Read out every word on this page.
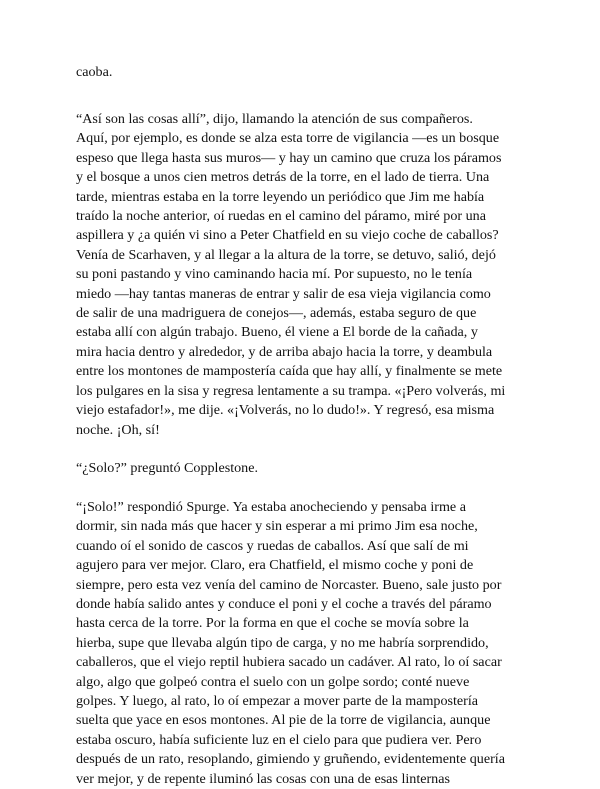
caoba.

“Así son las cosas allí”, dijo, llamando la atención de sus compañeros.
Aquí, por ejemplo, es donde se alza esta torre de vigilancia —es un bosque
espeso que llega hasta sus muros— y hay un camino que cruza los páramos
y el bosque a unos cien metros detrás de la torre, en el lado de tierra. Una
tarde, mientras estaba en la torre leyendo un periódico que Jim me había
traído la noche anterior, oí ruedas en el camino del páramo, miré por una
aspillera y ¿a quién vi sino a Peter Chatfield en su viejo coche de caballos?
Venía de Scarhaven, y al llegar a la altura de la torre, se detuvo, salió, dejó
su poni pastando y vino caminando hacia mí. Por supuesto, no le tenía
miedo —hay tantas maneras de entrar y salir de esa vieja vigilancia como
de salir de una madriguera de conejos—, además, estaba seguro de que
estaba allí con algún trabajo. Bueno, él viene a El borde de la cañada, y
mira hacia dentro y alrededor, y de arriba abajo hacia la torre, y deambula
entre los montones de mampostería caída que hay allí, y finalmente se mete
los pulgares en la sisa y regresa lentamente a su trampa. «¡Pero volverás, mi
viejo estafador!», me dije. «¡Volverás, no lo dudo!». Y regresó, esa misma
noche. ¡Oh, sí!

“¿Solo?” preguntó Copplestone.

“¡Solo!” respondió Spurge. Ya estaba anocheciendo y pensaba irme a
dormir, sin nada más que hacer y sin esperar a mi primo Jim esa noche,
cuando oí el sonido de cascos y ruedas de caballos. Así que salí de mi
agujero para ver mejor. Claro, era Chatfield, el mismo coche y poni de
siempre, pero esta vez venía del camino de Norcaster. Bueno, sale justo por
donde había salido antes y conduce el poni y el coche a través del páramo
hasta cerca de la torre. Por la forma en que el coche se movía sobre la
hierba, supe que llevaba algún tipo de carga, y no me habría sorprendido,
caballeros, que el viejo reptil hubiera sacado un cadáver. Al rato, lo oí sacar
algo, algo que golpeó contra el suelo con un golpe sordo; conté nueve
golpes. Y luego, al rato, lo oí empezar a mover parte de la mampostería
suelta que yace en esos montones. Al pie de la torre de vigilancia, aunque
estaba oscuro, había suficiente luz en el cielo para que pudiera ver. Pero
después de un rato, resoplando, gimiendo y gruñendo, evidentemente quería
ver mejor, y de repente iluminó las cosas con una de esas linternas
